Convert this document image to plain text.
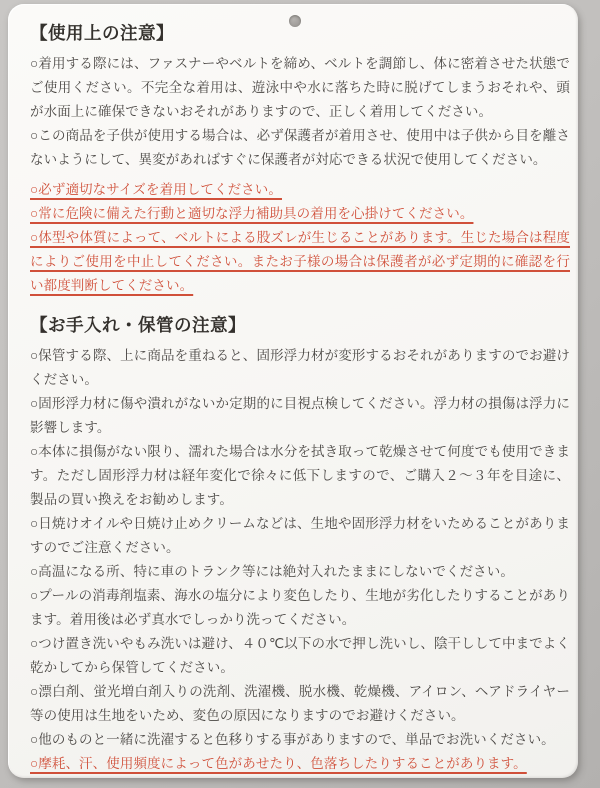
【使用上の注意】

○着用する際には、ファスナーやベルトを締め、ベルトを調節し、体に密着させた状態でご使用ください。不完全な着用は、遊泳中や水に落ちた時に脱げてしまうおそれや、頭が水面上に確保できないおそれがありますので、正しく着用してください。

○この商品を子供が使用する場合は、必ず保護者が着用させ、使用中は子供から目を離さないようにして、異変があればすぐに保護者が対応できる状況で使用してください。

○必ず適切なサイズを着用してください。

○常に危険に備えた行動と適切な浮力補助具の着用を心掛けてください。

○体型や体質によって、ベルトによる股ズレが生じることがあります。生じた場合は程度によりご使用を中止してください。またお子様の場合は保護者が必ず定期的に確認を行い都度判断してください。

【お手入れ・保管の注意】

○保管する際、上に商品を重ねると、固形浮力材が変形するおそれがありますのでお避けください。

○固形浮力材に傷や潰れがないか定期的に目視点検してください。浮力材の損傷は浮力に影響します。

○本体に損傷がない限り、濡れた場合は水分を拭き取って乾燥させて何度でも使用できます。ただし固形浮力材は経年変化で徐々に低下しますので、ご購入２～３年を目途に、製品の買い換えをお勧めします。

○日焼けオイルや日焼け止めクリームなどは、生地や固形浮力材をいためることがありますのでご注意ください。

○高温になる所、特に車のトランク等には絶対入れたままにしないでください。

○プールの消毒剤塩素、海水の塩分により変色したり、生地が劣化したりすることがあります。着用後は必ず真水でしっかり洗ってください。

○つけ置き洗いやもみ洗いは避け、４０℃以下の水で押し洗いし、陰干しして中までよく乾かしてから保管してください。

○漂白剤、蛍光増白剤入りの洗剤、洗濯機、脱水機、乾燥機、アイロン、ヘアドライヤー等の使用は生地をいため、変色の原因になりますのでお避けください。

○他のものと一緒に洗濯すると色移りする事がありますので、単品でお洗いください。

○摩耗、汗、使用頻度によって色があせたり、色落ちしたりすることがあります。
